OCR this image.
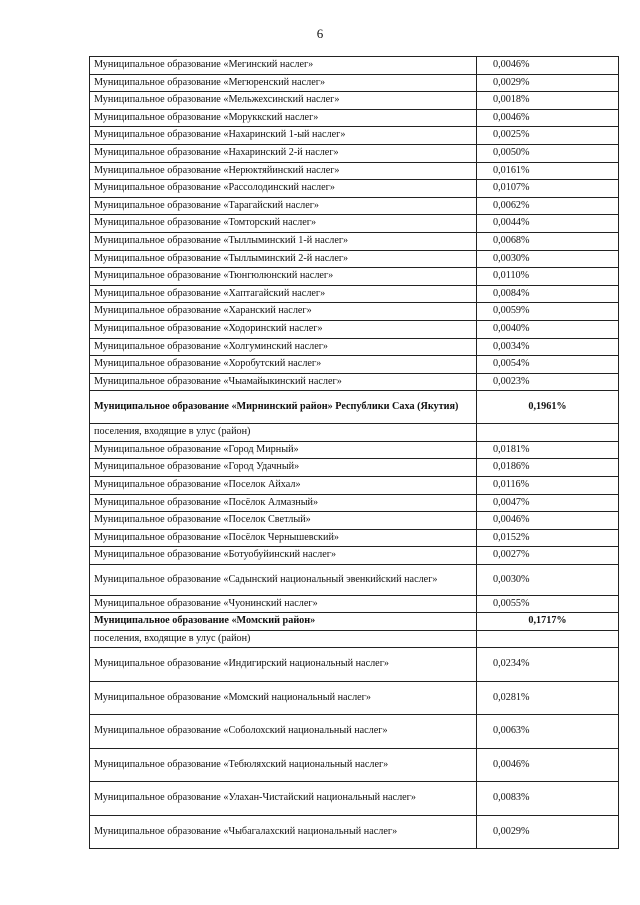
6
Муниципальное образование «Мегинский наслег»	0,0046%
Муниципальное образование «Мегюренский наслег»	0,0029%
Муниципальное образование «Мельжехсинский наслег»	0,0018%
Муниципальное образование «Моруккский наслег»	0,0046%
Муниципальное образование «Нахаринский 1-ый наслег»	0,0025%
Муниципальное образование «Нахаринский 2-й наслег»	0,0050%
Муниципальное образование «Нерюктяйинский наслег»	0,0161%
Муниципальное образование «Рассолодинский наслег»	0,0107%
Муниципальное образование «Тарагайский наслег»	0,0062%
Муниципальное образование «Томторский наслег»	0,0044%
Муниципальное образование «Тыллыминский 1-й наслег»	0,0068%
Муниципальное образование «Тыллыминский 2-й наслег»	0,0030%
Муниципальное образование «Тюнгюлюнский наслег»	0,0110%
Муниципальное образование «Хаптагайский наслег»	0,0084%
Муниципальное образование «Харанский наслег»	0,0059%
Муниципальное образование «Ходоринский наслег»	0,0040%
Муниципальное образование «Холгуминский наслег»	0,0034%
Муниципальное образование «Хоробутский наслег»	0,0054%
Муниципальное образование «Чыамайыкинский наслег»	0,0023%
Муниципальное образование «Мирнинский район» Республики Саха (Якутия)	0,1961%
поселения, входящие в улус (район)	
Муниципальное образование «Город Мирный»	0,0181%
Муниципальное образование «Город Удачный»	0,0186%
Муниципальное образование «Поселок Айхал»	0,0116%
Муниципальное образование «Посёлок Алмазный»	0,0047%
Муниципальное образование «Поселок Светлый»	0,0046%
Муниципальное образование «Посёлок Чернышевский»	0,0152%
Муниципальное образование «Ботуобуйинский наслег»	0,0027%
Муниципальное образование «Садынский национальный эвенкийский наслег»	0,0030%
Муниципальное образование «Чуонинский наслег»	0,0055%
Муниципальное образование «Момский район»	0,1717%
поселения, входящие в улус (район)	
Муниципальное образование «Индигирский национальный наслег»	0,0234%
Муниципальное образование «Момский национальный наслег»	0,0281%
Муниципальное образование «Соболохский национальный наслег»	0,0063%
Муниципальное образование «Тебюляхский национальный наслег»	0,0046%
Муниципальное образование «Улахан-Чистайский национальный наслег»	0,0083%
Муниципальное образование «Чыбагалахский национальный наслег»	0,0029%
